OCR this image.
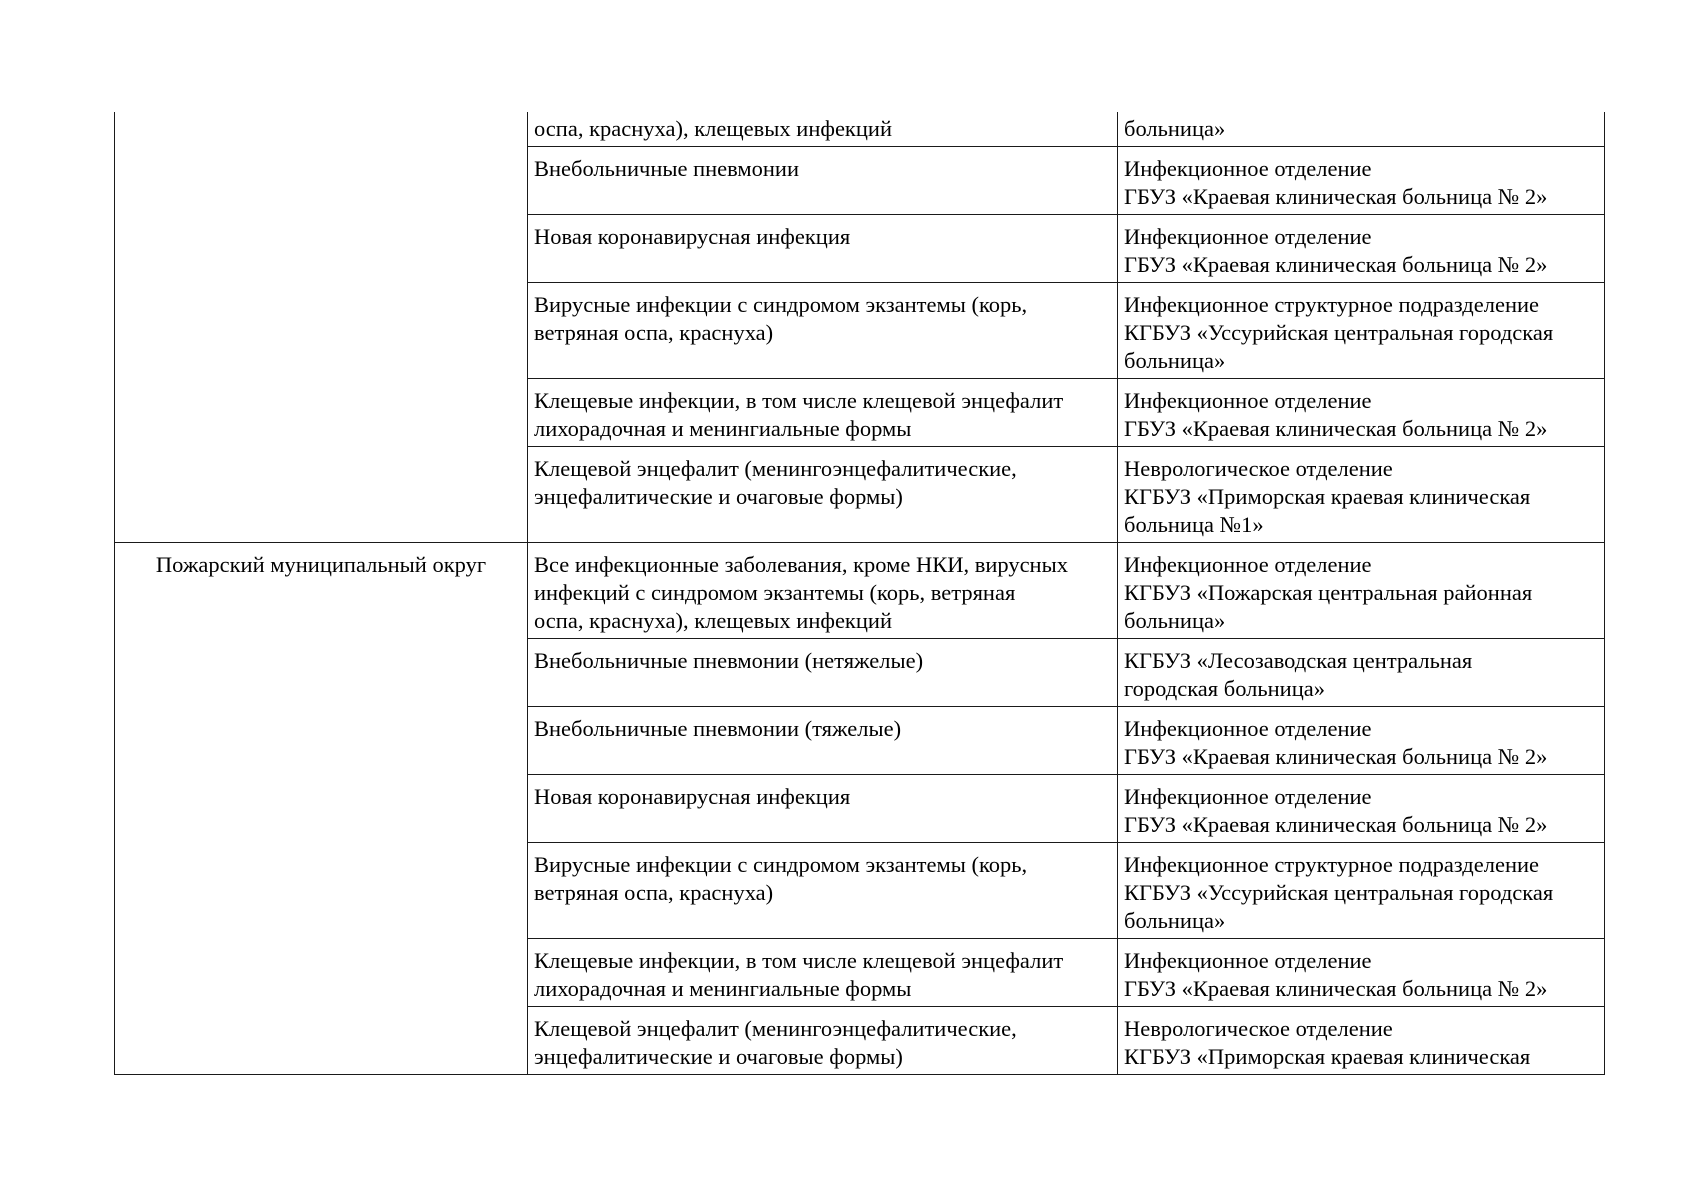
	оспа, краснуха), клещевых инфекций	больница»
	Внебольничные пневмонии	Инфекционное отделение
ГБУЗ «Краевая клиническая больница № 2»
	Новая коронавирусная инфекция	Инфекционное отделение
ГБУЗ «Краевая клиническая больница № 2»
	Вирусные инфекции с синдромом экзантемы (корь,
ветряная оспа, краснуха)	Инфекционное структурное подразделение
КГБУЗ «Уссурийская центральная городская
больница»
	Клещевые инфекции, в том числе клещевой энцефалит
лихорадочная и менингиальные формы	Инфекционное отделение
ГБУЗ «Краевая клиническая больница № 2»
	Клещевой энцефалит (менингоэнцефалитические,
энцефалитические и очаговые формы)	Неврологическое отделение
КГБУЗ «Приморская краевая клиническая
больница №1»
Пожарский муниципальный округ	Все инфекционные заболевания, кроме НКИ, вирусных
инфекций с синдромом экзантемы (корь, ветряная
оспа, краснуха), клещевых инфекций	Инфекционное отделение
КГБУЗ «Пожарская центральная районная
больница»
	Внебольничные пневмонии (нетяжелые)	КГБУЗ «Лесозаводская центральная
городская больница»
	Внебольничные пневмонии (тяжелые)	Инфекционное отделение
ГБУЗ «Краевая клиническая больница № 2»
	Новая коронавирусная инфекция	Инфекционное отделение
ГБУЗ «Краевая клиническая больница № 2»
	Вирусные инфекции с синдромом экзантемы (корь,
ветряная оспа, краснуха)	Инфекционное структурное подразделение
КГБУЗ «Уссурийская центральная городская
больница»
	Клещевые инфекции, в том числе клещевой энцефалит
лихорадочная и менингиальные формы	Инфекционное отделение
ГБУЗ «Краевая клиническая больница № 2»
	Клещевой энцефалит (менингоэнцефалитические,
энцефалитические и очаговые формы)	Неврологическое отделение
КГБУЗ «Приморская краевая клиническая
